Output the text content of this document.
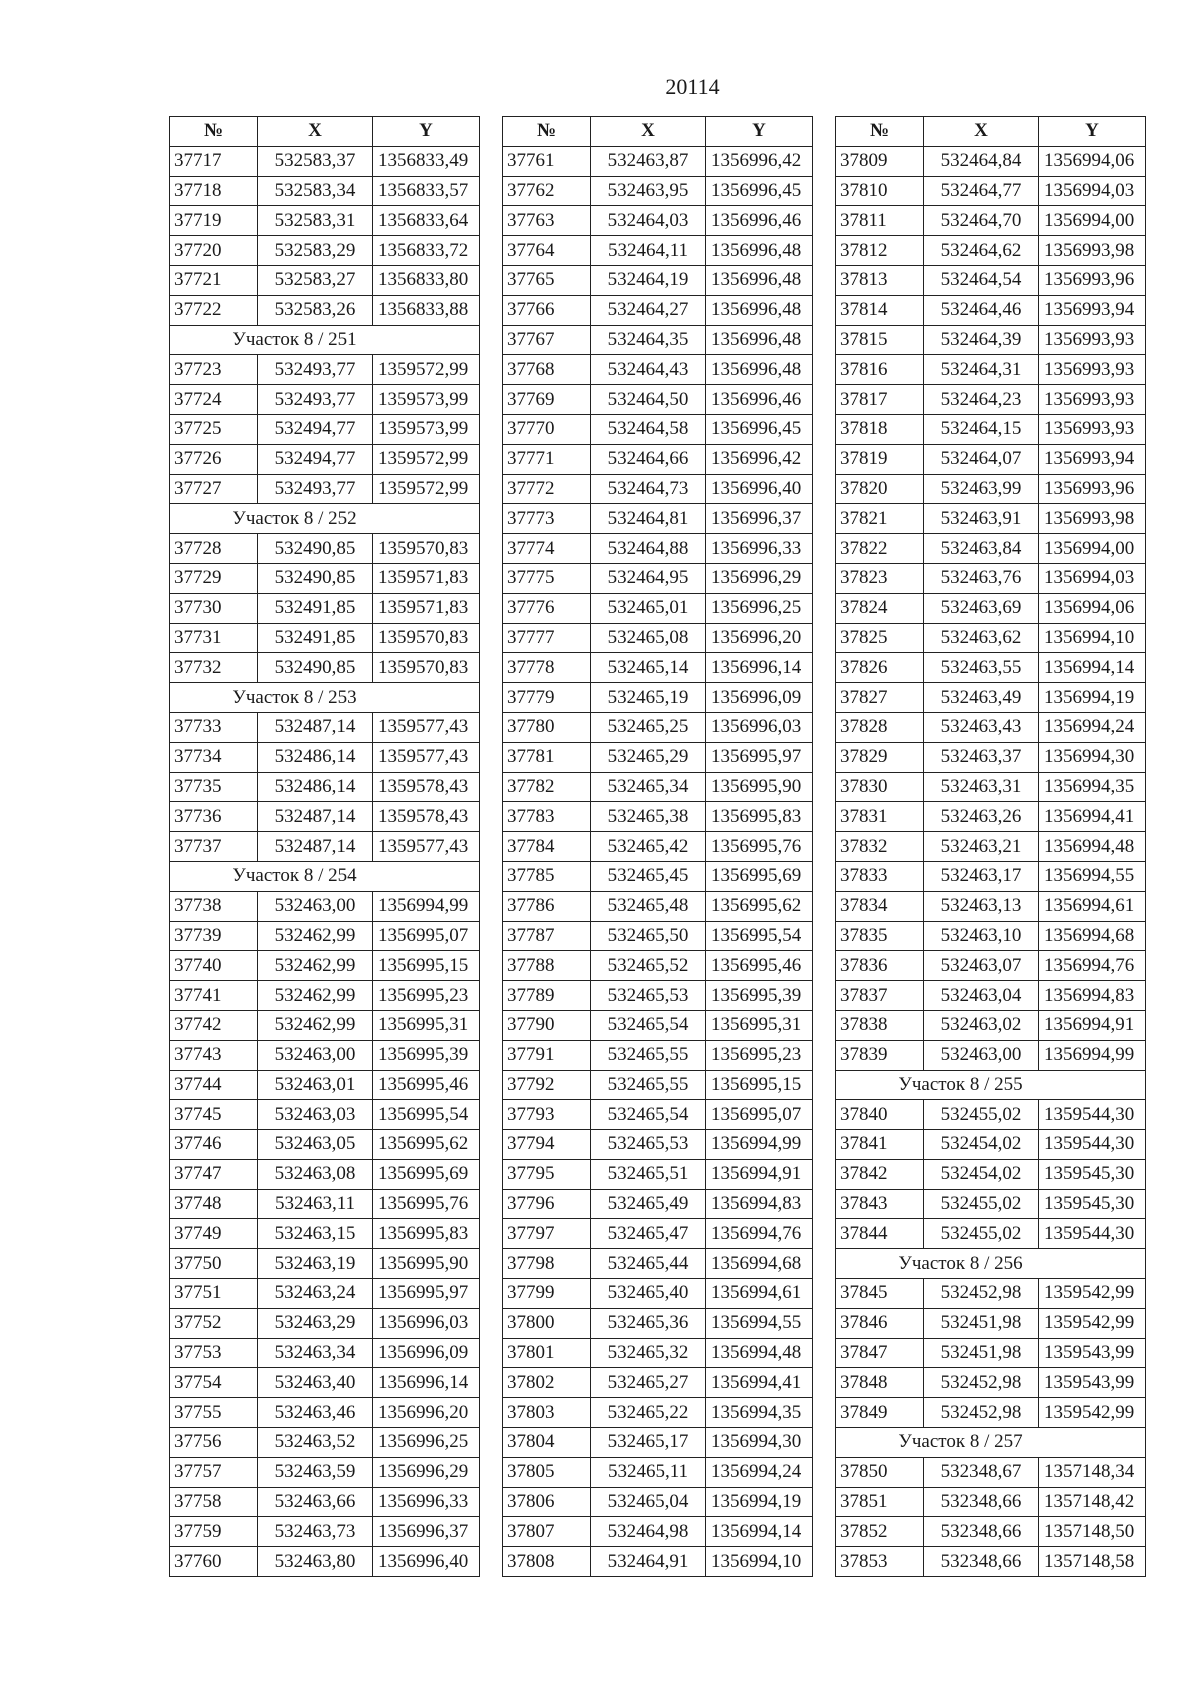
20114
№	X	Y
37717	532583,37	1356833,49
37718	532583,34	1356833,57
37719	532583,31	1356833,64
37720	532583,29	1356833,72
37721	532583,27	1356833,80
37722	532583,26	1356833,88
Участок 8 / 251		
37723	532493,77	1359572,99
37724	532493,77	1359573,99
37725	532494,77	1359573,99
37726	532494,77	1359572,99
37727	532493,77	1359572,99
Участок 8 / 252		
37728	532490,85	1359570,83
37729	532490,85	1359571,83
37730	532491,85	1359571,83
37731	532491,85	1359570,83
37732	532490,85	1359570,83
Участок 8 / 253		
37733	532487,14	1359577,43
37734	532486,14	1359577,43
37735	532486,14	1359578,43
37736	532487,14	1359578,43
37737	532487,14	1359577,43
Участок 8 / 254		
37738	532463,00	1356994,99
37739	532462,99	1356995,07
37740	532462,99	1356995,15
37741	532462,99	1356995,23
37742	532462,99	1356995,31
37743	532463,00	1356995,39
37744	532463,01	1356995,46
37745	532463,03	1356995,54
37746	532463,05	1356995,62
37747	532463,08	1356995,69
37748	532463,11	1356995,76
37749	532463,15	1356995,83
37750	532463,19	1356995,90
37751	532463,24	1356995,97
37752	532463,29	1356996,03
37753	532463,34	1356996,09
37754	532463,40	1356996,14
37755	532463,46	1356996,20
37756	532463,52	1356996,25
37757	532463,59	1356996,29
37758	532463,66	1356996,33
37759	532463,73	1356996,37
37760	532463,80	1356996,40
№	X	Y
37761	532463,87	1356996,42
37762	532463,95	1356996,45
37763	532464,03	1356996,46
37764	532464,11	1356996,48
37765	532464,19	1356996,48
37766	532464,27	1356996,48
37767	532464,35	1356996,48
37768	532464,43	1356996,48
37769	532464,50	1356996,46
37770	532464,58	1356996,45
37771	532464,66	1356996,42
37772	532464,73	1356996,40
37773	532464,81	1356996,37
37774	532464,88	1356996,33
37775	532464,95	1356996,29
37776	532465,01	1356996,25
37777	532465,08	1356996,20
37778	532465,14	1356996,14
37779	532465,19	1356996,09
37780	532465,25	1356996,03
37781	532465,29	1356995,97
37782	532465,34	1356995,90
37783	532465,38	1356995,83
37784	532465,42	1356995,76
37785	532465,45	1356995,69
37786	532465,48	1356995,62
37787	532465,50	1356995,54
37788	532465,52	1356995,46
37789	532465,53	1356995,39
37790	532465,54	1356995,31
37791	532465,55	1356995,23
37792	532465,55	1356995,15
37793	532465,54	1356995,07
37794	532465,53	1356994,99
37795	532465,51	1356994,91
37796	532465,49	1356994,83
37797	532465,47	1356994,76
37798	532465,44	1356994,68
37799	532465,40	1356994,61
37800	532465,36	1356994,55
37801	532465,32	1356994,48
37802	532465,27	1356994,41
37803	532465,22	1356994,35
37804	532465,17	1356994,30
37805	532465,11	1356994,24
37806	532465,04	1356994,19
37807	532464,98	1356994,14
37808	532464,91	1356994,10
№	X	Y
37809	532464,84	1356994,06
37810	532464,77	1356994,03
37811	532464,70	1356994,00
37812	532464,62	1356993,98
37813	532464,54	1356993,96
37814	532464,46	1356993,94
37815	532464,39	1356993,93
37816	532464,31	1356993,93
37817	532464,23	1356993,93
37818	532464,15	1356993,93
37819	532464,07	1356993,94
37820	532463,99	1356993,96
37821	532463,91	1356993,98
37822	532463,84	1356994,00
37823	532463,76	1356994,03
37824	532463,69	1356994,06
37825	532463,62	1356994,10
37826	532463,55	1356994,14
37827	532463,49	1356994,19
37828	532463,43	1356994,24
37829	532463,37	1356994,30
37830	532463,31	1356994,35
37831	532463,26	1356994,41
37832	532463,21	1356994,48
37833	532463,17	1356994,55
37834	532463,13	1356994,61
37835	532463,10	1356994,68
37836	532463,07	1356994,76
37837	532463,04	1356994,83
37838	532463,02	1356994,91
37839	532463,00	1356994,99
Участок 8 / 255		
37840	532455,02	1359544,30
37841	532454,02	1359544,30
37842	532454,02	1359545,30
37843	532455,02	1359545,30
37844	532455,02	1359544,30
Участок 8 / 256		
37845	532452,98	1359542,99
37846	532451,98	1359542,99
37847	532451,98	1359543,99
37848	532452,98	1359543,99
37849	532452,98	1359542,99
Участок 8 / 257		
37850	532348,67	1357148,34
37851	532348,66	1357148,42
37852	532348,66	1357148,50
37853	532348,66	1357148,58
